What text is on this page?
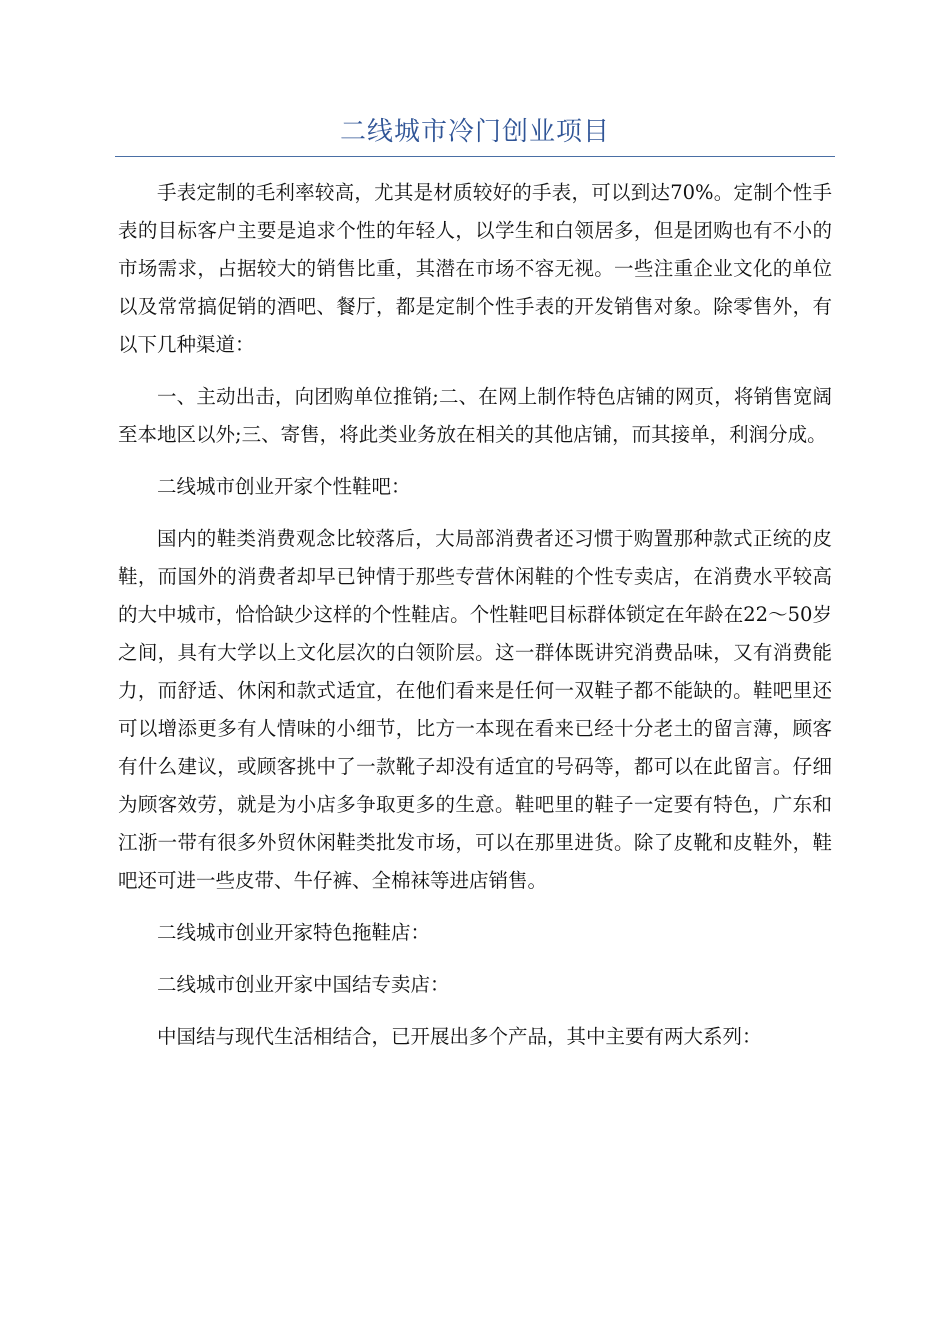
二线城市冷门创业项目

手表定制的毛利率较高，尤其是材质较好的手表，可以到达70%。定制个性手表的目标客户主要是追求个性的年轻人，以学生和白领居多，但是团购也有不小的市场需求，占据较大的销售比重，其潜在市场不容无视。一些注重企业文化的单位以及常常搞促销的酒吧、餐厅，都是定制个性手表的开发销售对象。除零售外，有以下几种渠道：

一、主动出击，向团购单位推销;二、在网上制作特色店铺的网页，将销售宽阔至本地区以外;三、寄售，将此类业务放在相关的其他店铺，而其接单，利润分成。

二线城市创业开家个性鞋吧：

国内的鞋类消费观念比较落后，大局部消费者还习惯于购置那种款式正统的皮鞋，而国外的消费者却早已钟情于那些专营休闲鞋的个性专卖店，在消费水平较高的大中城市，恰恰缺少这样的个性鞋店。个性鞋吧目标群体锁定在年龄在22～50岁之间，具有大学以上文化层次的白领阶层。这一群体既讲究消费品味，又有消费能力，而舒适、休闲和款式适宜，在他们看来是任何一双鞋子都不能缺的。鞋吧里还可以增添更多有人情味的小细节，比方一本现在看来已经十分老土的留言薄，顾客有什么建议，或顾客挑中了一款靴子却没有适宜的号码等，都可以在此留言。仔细为顾客效劳，就是为小店多争取更多的生意。鞋吧里的鞋子一定要有特色，广东和江浙一带有很多外贸休闲鞋类批发市场，可以在那里进货。除了皮靴和皮鞋外，鞋吧还可进一些皮带、牛仔裤、全棉袜等进店销售。

二线城市创业开家特色拖鞋店：

二线城市创业开家中国结专卖店：

中国结与现代生活相结合，已开展出多个产品，其中主要有两大系列：
